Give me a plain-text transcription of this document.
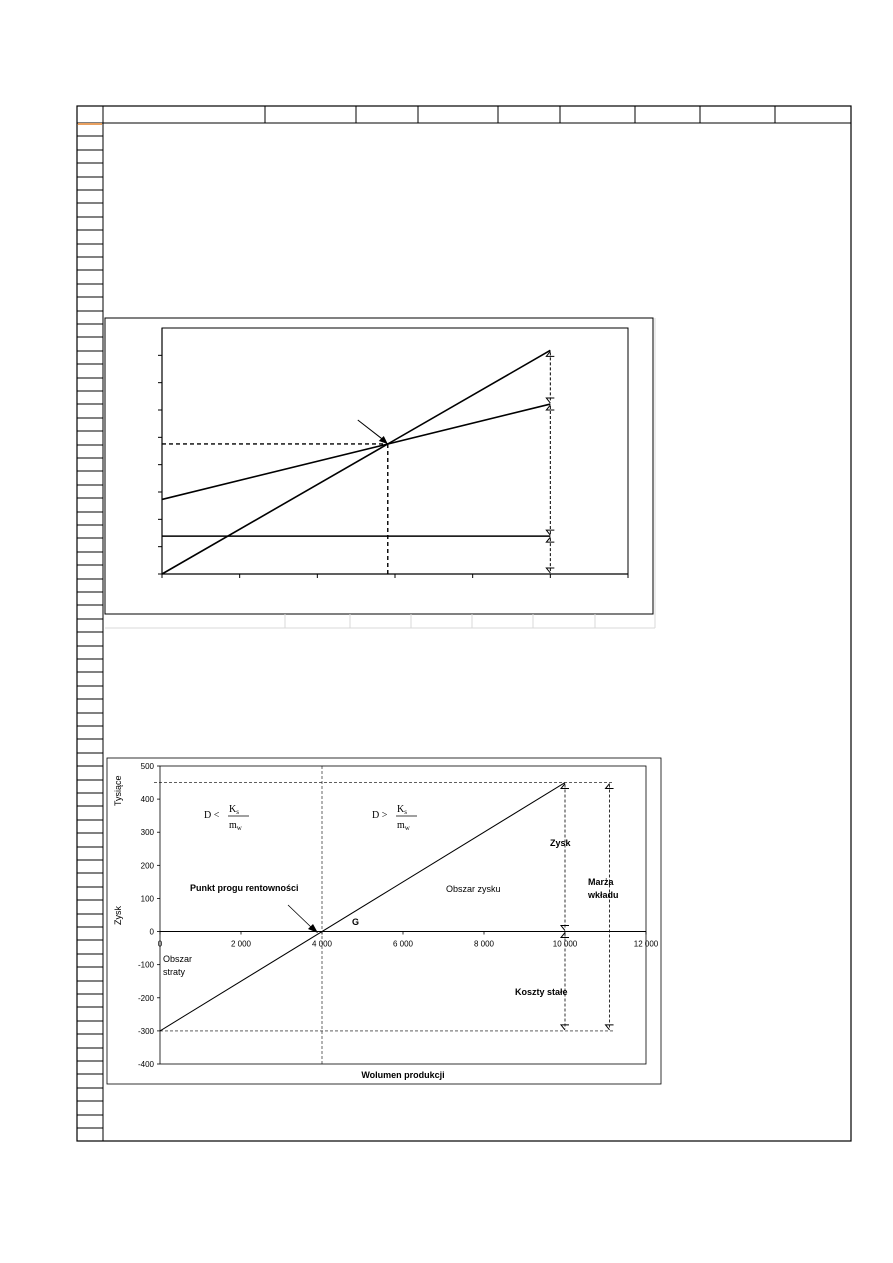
500
400
300
200
100
0
-100
-200
-300
-400
0	2 000	4 000	6 000	8 000	10 000	12 000
Tysiące
Zysk
Wolumen produkcji
D <
$K_s$
$m_w$
D >
$K_s$
$m_w$
Punkt progu rentowności
G
Obszar zysku
Obszar
straty
Zysk
Marża
wkładu
Koszty stałe
